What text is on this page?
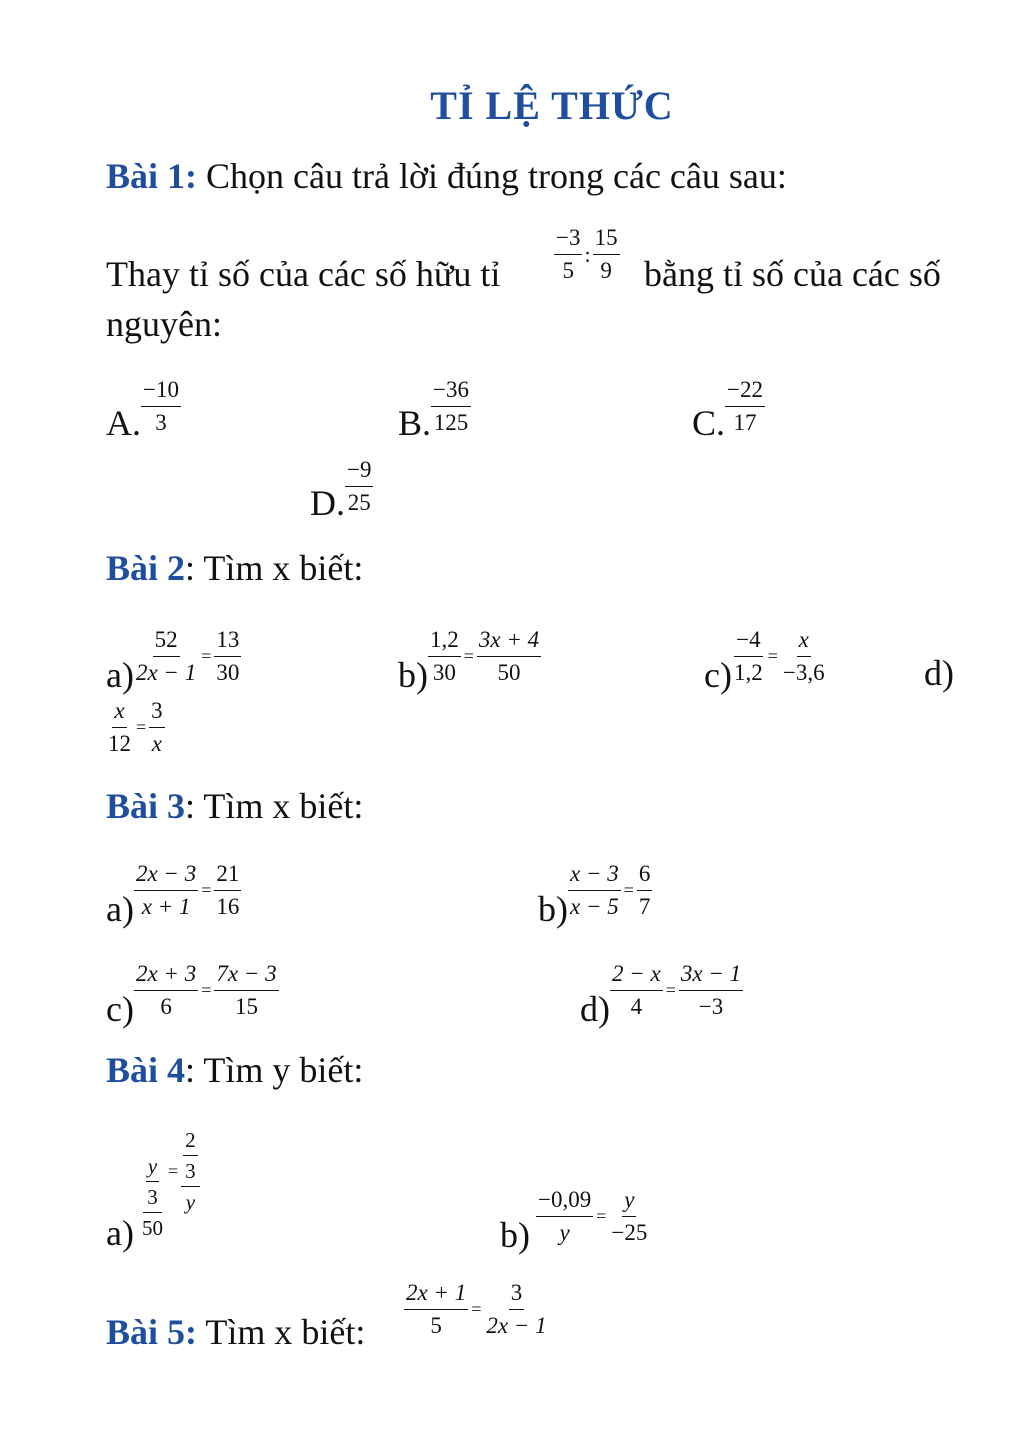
TỈ LỆ THỨC
Bài 1: Chọn câu trả lời đúng trong các câu sau:
Thay tỉ số của các số hữu tỉ $\frac{-3}{5}$ : $\frac{15}{9}$ bằng tỉ số của các số
nguyên:
A. $\frac{-10}{3}$	B. $\frac{-36}{125}$	C. $\frac{-22}{17}$
D. $\frac{-9}{25}$
Bài 2: Tìm x biết:
$a) \frac{52}{2x - 1} = \frac{13}{30}$	$b) \frac{1,2}{30} = \frac{3x + 4}{50}$	$c) \frac{-4}{1,2} = \frac{x}{-3,6}$	d)
$\frac{x}{12} = \frac{3}{x}$
Bài 3: Tìm x biết:
$a) \frac{2x - 3}{x + 1} = \frac{21}{16}$	$b) \frac{x - 3}{x - 5} = \frac{6}{7}$
$c) \frac{2x + 3}{6} = \frac{7x - 3}{15}$	$d) \frac{2 - x}{4} = \frac{3x - 1}{-3}$
Bài 4: Tìm y biết:
$a) \frac{\frac{y}{3}}{50} = \frac{\frac{2}{3}}{y}$
$b) \frac{-0,09}{y} = \frac{y}{-25}$
Bài 5: Tìm x biết: $\frac{2x + 1}{5} = \frac{3}{2x - 1}$
